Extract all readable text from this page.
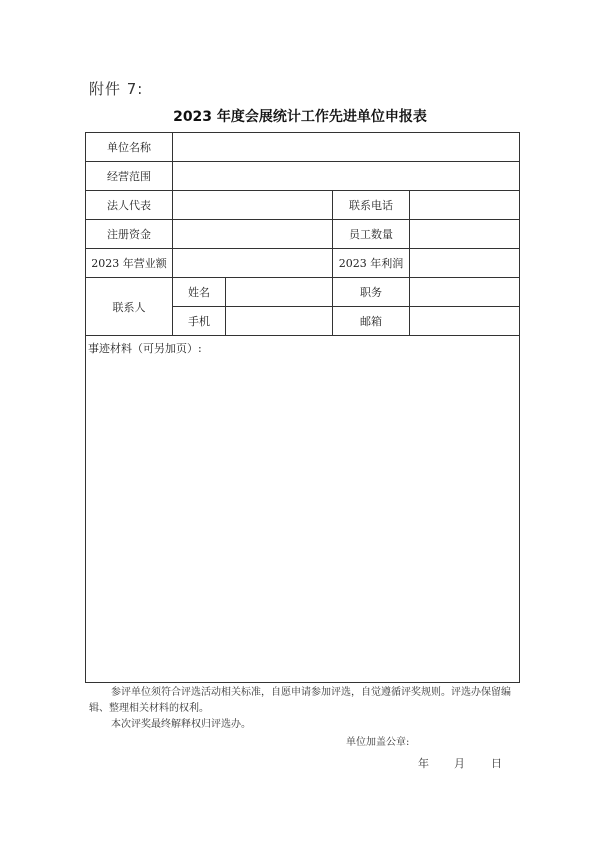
附件 7:
2023 年度会展统计工作先进单位申报表
单位名称				
经营范围				
法人代表			联系电话	
注册资金			员工数量	
2023 年营业额			2023 年利润	
联系人	姓名		职务	
	手机		邮箱	
事迹材料（可另加页）:				
参评单位须符合评选活动相关标准，自愿申请参加评选，自觉遵循评奖规则。评选办保留编辑、整理相关材料的权利。
本次评奖最终解释权归评选办。
单位加盖公章:
年 月 日
